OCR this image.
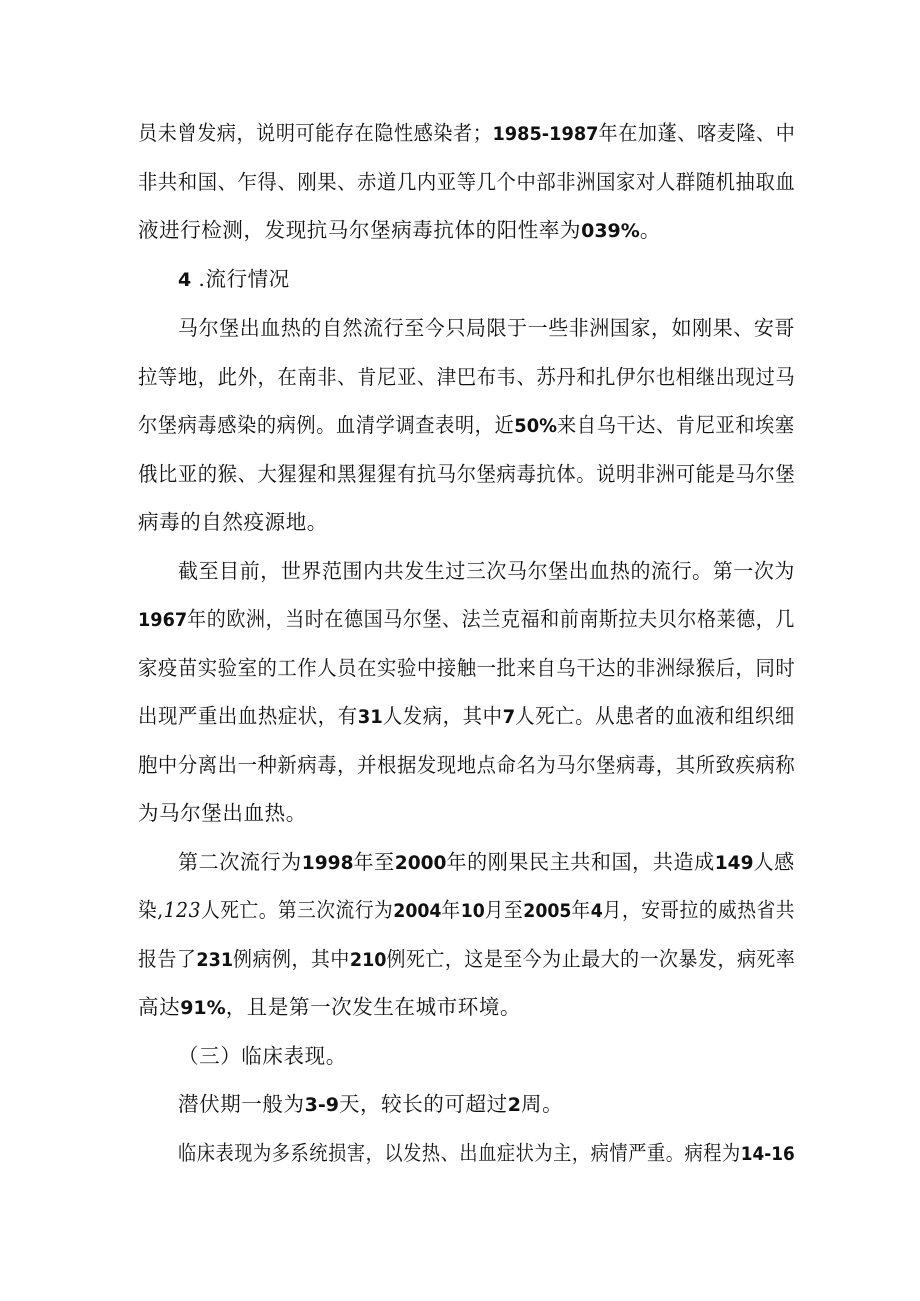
员未曾发病，说明可能存在隐性感染者；1985-1987年在加蓬、喀麦隆、中
非共和国、乍得、刚果、赤道几内亚等几个中部非洲国家对人群随机抽取血
液进行检测，发现抗马尔堡病毒抗体的阳性率为039%。
4 .流行情况
马尔堡出血热的自然流行至今只局限于一些非洲国家，如刚果、安哥
拉等地，此外，在南非、肯尼亚、津巴布韦、苏丹和扎伊尔也相继出现过马
尔堡病毒感染的病例。血清学调查表明，近50%来自乌干达、肯尼亚和埃塞
俄比亚的猴、大猩猩和黑猩猩有抗马尔堡病毒抗体。说明非洲可能是马尔堡
病毒的自然疫源地。
截至目前，世界范围内共发生过三次马尔堡出血热的流行。第一次为
1967年的欧洲，当时在德国马尔堡、法兰克福和前南斯拉夫贝尔格莱德，几
家疫苗实验室的工作人员在实验中接触一批来自乌干达的非洲绿猴后，同时
出现严重出血热症状，有31人发病，其中7人死亡。从患者的血液和组织细
胞中分离出一种新病毒，并根据发现地点命名为马尔堡病毒，其所致疾病称
为马尔堡出血热。
第二次流行为1998年至2000年的刚果民主共和国，共造成149人感
染,123人死亡。第三次流行为2004年10月至2005年4月，安哥拉的威热省共
报告了231例病例，其中210例死亡，这是至今为止最大的一次暴发，病死率
高达91%，且是第一次发生在城市环境。
（三）临床表现。
潜伏期一般为3-9天，较长的可超过2周。
临床表现为多系统损害，以发热、出血症状为主，病情严重。病程为14-16
